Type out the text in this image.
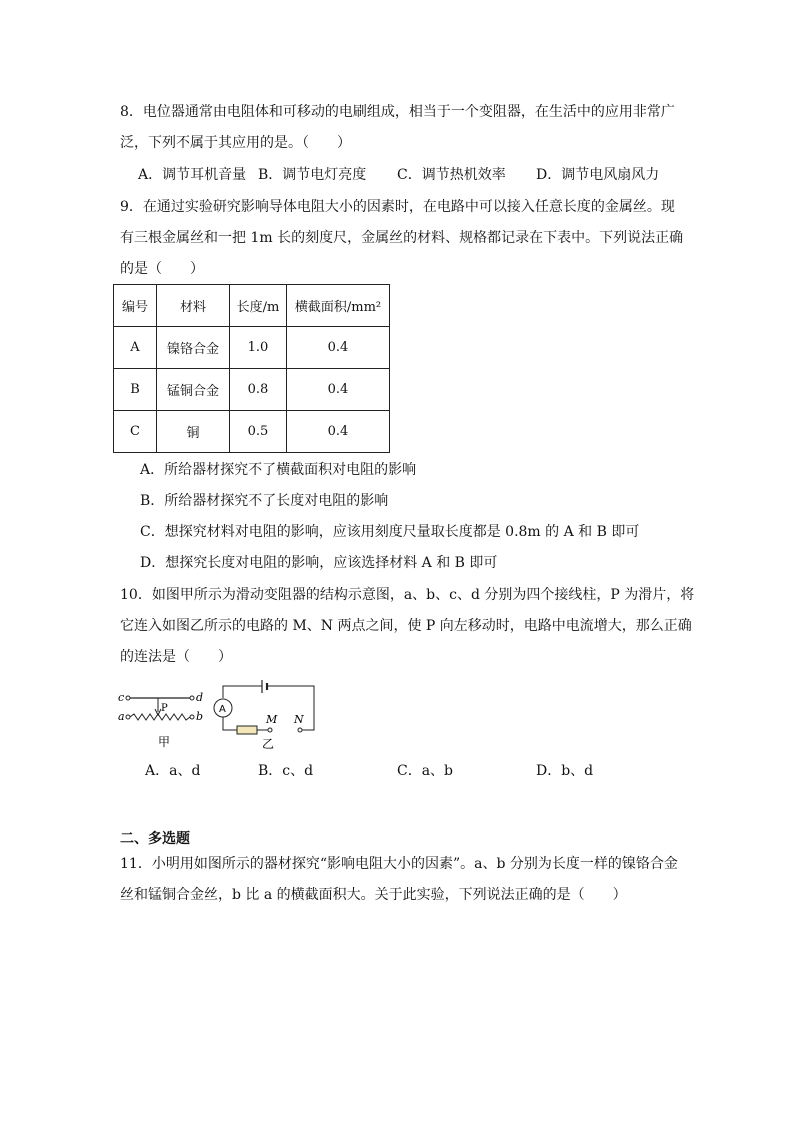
8．电位器通常由电阻体和可移动的电刷组成，相当于一个变阻器，在生活中的应用非常广
泛，下列不属于其应用的是。（　　）
A．调节耳机音量 B．调节电灯亮度 C．调节热机效率 D．调节电风扇风力
9．在通过实验研究影响导体电阻大小的因素时，在电路中可以接入任意长度的金属丝。现
有三根金属丝和一把 1m 长的刻度尺，金属丝的材料、规格都记录在下表中。下列说法正确
的是（　　）
编号	材料	长度/m	横截面积/mm²
A	镍铬合金	1.0	0.4
B	锰铜合金	0.8	0.4
C	铜	0.5	0.4
A．所给器材探究不了横截面积对电阻的影响
B．所给器材探究不了长度对电阻的影响
C．想探究材料对电阻的影响，应该用刻度尺量取长度都是 0.8m 的 A 和 B 即可
D．想探究长度对电阻的影响，应该选择材料 A 和 B 即可
10．如图甲所示为滑动变阻器的结构示意图，a、b、c、d 分别为四个接线柱，P 为滑片，将
它连入如图乙所示的电路的 M、N 两点之间，使 P 向左移动时，电路中电流增大，那么正确
的连法是（　　）
c	d
P
a	b
甲
A
M N
乙
A．a、d	B．c、d	C．a、b	D．b、d
二、多选题
11．小明用如图所示的器材探究“影响电阻大小的因素”。a、b 分别为长度一样的镍铬合金
丝和锰铜合金丝，b 比 a 的横截面积大。关于此实验，下列说法正确的是（　　）
